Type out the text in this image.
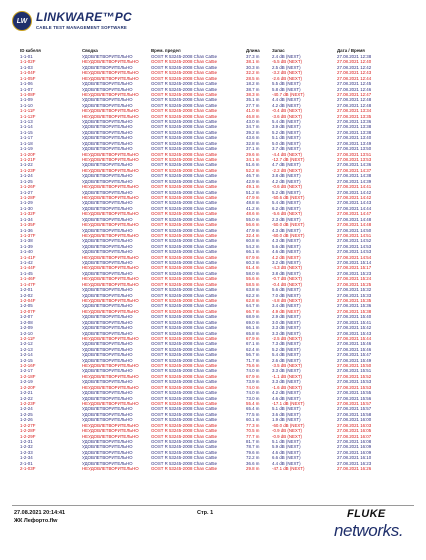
LW LINKWARE™PC
CABLE TEST MANAGEMENT SOFTWARE
ID кабеля	Сводка	Врем. предел	Длина	Запас	Дата / Время
1-1-01	УДОВЛЕТВОРИТЕЛЬНО	GOST R 53245-2008 Chan Cat5e	37.3 m	2.4 dB (NEXT)	27.08.2021 12:38
1-1-02F	НЕУДОВЛЕТВОРИТЕЛЬНО	GOST R 53245-2008 Chan Cat5e	38.1 m	-5.5 dB (NEXT)	27.08.2021 12:40
1-1-03	УДОВЛЕТВОРИТЕЛЬНО	GOST R 53245-2008 Chan Cat5e	30.3 m	2.5 dB (NEXT)	27.08.2021 12:42
1-1-04F	НЕУДОВЛЕТВОРИТЕЛЬНО	GOST R 53245-2008 Chan Cat5e	32.2 m	-3.2 dB (NEXT)	27.08.2021 12:43
1-1-05F	НЕУДОВЛЕТВОРИТЕЛЬНО	GOST R 53245-2008 Chan Cat5e	28.5 m	-2.6 dB (NEXT)	27.08.2021 12:44
1-1-06	УДОВЛЕТВОРИТЕЛЬНО	GOST R 53245-2008 Chan Cat5e	18.2 m	5.5 dB (NEXT)	27.08.2021 12:45
1-1-07	УДОВЛЕТВОРИТЕЛЬНО	GOST R 53245-2008 Chan Cat5e	38.7 m	5.8 dB (NEXT)	27.08.2021 12:46
1-1-08F	НЕУДОВЛЕТВОРИТЕЛЬНО	GOST R 53245-2008 Chan Cat5e	38.3 m	-40.7 dB (NEXT)	27.08.2021 12:47
1-1-09	УДОВЛЕТВОРИТЕЛЬНО	GOST R 53245-2008 Chan Cat5e	35.1 m	4.4 dB (NEXT)	27.08.2021 12:48
1-1-10	УДОВЛЕТВОРИТЕЛЬНО	GOST R 53245-2008 Chan Cat5e	27.7 m	4.2 dB (NEXT)	27.08.2021 12:48
1-1-11F	НЕУДОВЛЕТВОРИТЕЛЬНО	GOST R 53245-2008 Chan Cat5e	41.0 m	-0.4 dB (NEXT)	27.08.2021 13:34
1-1-12F	НЕУДОВЛЕТВОРИТЕЛЬНО	GOST R 53245-2008 Chan Cat5e	46.8 m	-3.6 dB (NEXT)	27.08.2021 13:35
1-1-13	УДОВЛЕТВОРИТЕЛЬНО	GOST R 53245-2008 Chan Cat5e	43.0 m	5.4 dB (NEXT)	27.08.2021 13:36
1-1-14	УДОВЛЕТВОРИТЕЛЬНО	GOST R 53245-2008 Chan Cat5e	34.7 m	3.9 dB (NEXT)	27.08.2021 13:38
1-1-15	УДОВЛЕТВОРИТЕЛЬНО	GOST R 53245-2008 Chan Cat5e	39.2 m	5.2 dB (NEXT)	27.08.2021 13:38
1-1-17	УДОВЛЕТВОРИТЕЛЬНО	GOST R 53245-2008 Chan Cat5e	43.6 m	5.1 dB (NEXT)	27.08.2021 13:40
1-1-18	УДОВЛЕТВОРИТЕЛЬНО	GOST R 53245-2008 Chan Cat5e	32.8 m	5.0 dB (NEXT)	27.08.2021 13:49
1-1-19	УДОВЛЕТВОРИТЕЛЬНО	GOST R 53245-2008 Chan Cat5e	37.1 m	3.7 dB (NEXT)	27.08.2021 13:50
1-1-20F	НЕУДОВЛЕТВОРИТЕЛЬНО	GOST R 53245-2008 Chan Cat5e	29.6 m	-4.4 dB (NEXT)	27.08.2021 13:51
1-1-21F	НЕУДОВЛЕТВОРИТЕЛЬНО	GOST R 53245-2008 Chan Cat5e	34.1 m	-12.7 dB (NEXT)	27.08.2021 13:53
1-1-22	УДОВЛЕТВОРИТЕЛЬНО	GOST R 53245-2008 Chan Cat5e	51.6 m	4.7 dB (NEXT)	27.08.2021 14:36
1-1-23F	НЕУДОВЛЕТВОРИТЕЛЬНО	GOST R 53245-2008 Chan Cat5e	52.2 m	-2.2 dB (NEXT)	27.08.2021 14:37
1-1-24	УДОВЛЕТВОРИТЕЛЬНО	GOST R 53245-2008 Chan Cat5e	46.7 m	3.8 dB (NEXT)	27.08.2021 14:38
1-1-25	УДОВЛЕТВОРИТЕЛЬНО	GOST R 53245-2008 Chan Cat5e	42.9 m	4.2 dB (NEXT)	27.08.2021 14:39
1-1-26F	НЕУДОВЛЕТВОРИТЕЛЬНО	GOST R 53245-2008 Chan Cat5e	49.1 m	-0.6 dB (NEXT)	27.08.2021 14:41
1-1-27	УДОВЛЕТВОРИТЕЛЬНО	GOST R 53245-2008 Chan Cat5e	51.2 m	5.2 dB (NEXT)	27.08.2021 14:42
1-1-28F	НЕУДОВЛЕТВОРИТЕЛЬНО	GOST R 53245-2008 Chan Cat5e	47.9 m	-50.6 dB (NEXT)	27.08.2021 14:42
1-1-29	УДОВЛЕТВОРИТЕЛЬНО	GOST R 53245-2008 Chan Cat5e	48.8 m	5.4 dB (NEXT)	27.08.2021 14:43
1-1-30	УДОВЛЕТВОРИТЕЛЬНО	GOST R 53245-2008 Chan Cat5e	41.2 m	6.2 dB (NEXT)	27.08.2021 14:44
1-1-32F	НЕУДОВЛЕТВОРИТЕЛЬНО	GOST R 53245-2008 Chan Cat5e	48.6 m	-5.6 dB (NEXT)	27.08.2021 14:47
1-1-34	УДОВЛЕТВОРИТЕЛЬНО	GOST R 53245-2008 Chan Cat5e	55.0 m	2.3 dB (NEXT)	27.08.2021 14:48
1-1-35F	НЕУДОВЛЕТВОРИТЕЛЬНО	GOST R 53245-2008 Chan Cat5e	56.6 m	-50.0 dB (NEXT)	27.08.2021 14:48
1-1-36	УДОВЛЕТВОРИТЕЛЬНО	GOST R 53245-2008 Chan Cat5e	47.9 m	4.3 dB (NEXT)	27.08.2021 14:50
1-1-37F	НЕУДОВЛЕТВОРИТЕЛЬНО	GOST R 53245-2008 Chan Cat5e	32.4 m	-60.0 dB (NEXT)	27.08.2021 14:51
1-1-38	УДОВЛЕТВОРИТЕЛЬНО	GOST R 53245-2008 Chan Cat5e	60.8 m	4.3 dB (NEXT)	27.08.2021 14:52
1-1-39	УДОВЛЕТВОРИТЕЛЬНО	GOST R 53245-2008 Chan Cat5e	54.2 m	5.6 dB (NEXT)	27.08.2021 14:53
1-1-40	УДОВЛЕТВОРИТЕЛЬНО	GOST R 53245-2008 Chan Cat5e	66.1 m	4.6 dB (NEXT)	27.08.2021 14:53
1-1-41F	НЕУДОВЛЕТВОРИТЕЛЬНО	GOST R 53245-2008 Chan Cat5e	67.9 m	4.2 dB (NEXT)	27.08.2021 14:54
1-1-42	УДОВЛЕТВОРИТЕЛЬНО	GOST R 53245-2008 Chan Cat5e	60.3 m	3.2 dB (NEXT)	27.08.2021 15:14
1-1-44F	НЕУДОВЛЕТВОРИТЕЛЬНО	GOST R 53245-2008 Chan Cat5e	61.4 m	-4.3 dB (NEXT)	27.08.2021 15:17
1-1-45	УДОВЛЕТВОРИТЕЛЬНО	GOST R 53245-2008 Chan Cat5e	58.0 m	3.8 dB (NEXT)	27.08.2021 15:23
1-1-46F	НЕУДОВЛЕТВОРИТЕЛЬНО	GOST R 53245-2008 Chan Cat5e	55.6 m	-0.7 dB (NEXT)	27.08.2021 15:24
1-1-47F	НЕУДОВЛЕТВОРИТЕЛЬНО	GOST R 53245-2008 Chan Cat5e	58.5 m	-0.4 dB (NEXT)	27.08.2021 15:25
1-2-01	УДОВЛЕТВОРИТЕЛЬНО	GOST R 53245-2008 Chan Cat5e	63.8 m	5.6 dB (NEXT)	27.08.2021 15:32
1-2-02	УДОВЛЕТВОРИТЕЛЬНО	GOST R 53245-2008 Chan Cat5e	62.2 m	7.0 dB (NEXT)	27.08.2021 15:33
1-2-04F	НЕУДОВЛЕТВОРИТЕЛЬНО	GOST R 53245-2008 Chan Cat5e	62.8 m	-4.8 dB (NEXT)	27.08.2021 15:35
1-2-05	УДОВЛЕТВОРИТЕЛЬНО	GOST R 53245-2008 Chan Cat5e	64.7 m	3.4 dB (NEXT)	27.08.2021 15:36
1-2-07F	НЕУДОВЛЕТВОРИТЕЛЬНО	GOST R 53245-2008 Chan Cat5e	66.7 m	4.9 dB (NEXT)	27.08.2021 15:38
1-2-07	УДОВЛЕТВОРИТЕЛЬНО	GOST R 53245-2008 Chan Cat5e	68.9 m	2.9 dB (NEXT)	27.08.2021 15:40
1-2-08	УДОВЛЕТВОРИТЕЛЬНО	GOST R 53245-2008 Chan Cat5e	69.0 m	3.0 dB (NEXT)	27.08.2021 15:41
1-2-09	УДОВЛЕТВОРИТЕЛЬНО	GOST R 53245-2008 Chan Cat5e	66.1 m	3.3 dB (NEXT)	27.08.2021 15:42
1-2-10	УДОВЛЕТВОРИТЕЛЬНО	GOST R 53245-2008 Chan Cat5e	65.8 m	3.3 dB (NEXT)	27.08.2021 15:43
1-2-11F	НЕУДОВЛЕТВОРИТЕЛЬНО	GOST R 53245-2008 Chan Cat5e	67.9 m	-2.5 dB (NEXT)	27.08.2021 15:44
1-2-12	УДОВЛЕТВОРИТЕЛЬНО	GOST R 53245-2008 Chan Cat5e	67.1 m	7.3 dB (NEXT)	27.08.2021 15:46
1-2-13	УДОВЛЕТВОРИТЕЛЬНО	GOST R 53245-2008 Chan Cat5e	62.4 m	5.2 dB (NEXT)	27.08.2021 15:46
1-2-14	УДОВЛЕТВОРИТЕЛЬНО	GOST R 53245-2008 Chan Cat5e	56.7 m	5.4 dB (NEXT)	27.08.2021 15:47
1-2-15	УДОВЛЕТВОРИТЕЛЬНО	GOST R 53245-2008 Chan Cat5e	71.7 m	2.6 dB (NEXT)	27.08.2021 15:49
1-2-16F	НЕУДОВЛЕТВОРИТЕЛЬНО	GOST R 53245-2008 Chan Cat5e	75.6 m	-3.5 dB (NEXT)	27.08.2021 15:50
1-2-17	УДОВЛЕТВОРИТЕЛЬНО	GOST R 53245-2008 Chan Cat5e	74.0 m	3.3 dB (NEXT)	27.08.2021 15:51
1-2-18F	НЕУДОВЛЕТВОРИТЕЛЬНО	GOST R 53245-2008 Chan Cat5e	67.9 m	-1.1 dB (NEXT)	27.08.2021 15:52
1-2-19	УДОВЛЕТВОРИТЕЛЬНО	GOST R 53245-2008 Chan Cat5e	73.9 m	3.3 dB (NEXT)	27.08.2021 15:53
1-2-20F	НЕУДОВЛЕТВОРИТЕЛЬНО	GOST R 53245-2008 Chan Cat5e	74.0 m	-1.6 dB (NEXT)	27.08.2021 15:53
1-2-21	УДОВЛЕТВОРИТЕЛЬНО	GOST R 53245-2008 Chan Cat5e	74.0 m	4.2 dB (NEXT)	27.08.2021 15:55
1-2-22	УДОВЛЕТВОРИТЕЛЬНО	GOST R 53245-2008 Chan Cat5e	73.0 m	4.6 dB (NEXT)	27.08.2021 15:56
1-2-23F	НЕУДОВЛЕТВОРИТЕЛЬНО	GOST R 53245-2008 Chan Cat5e	55.4 m	-17.1 dB (NEXT)	27.08.2021 15:57
1-2-24	УДОВЛЕТВОРИТЕЛЬНО	GOST R 53245-2008 Chan Cat5e	65.4 m	5.1 dB (NEXT)	27.08.2021 15:57
1-2-25	УДОВЛЕТВОРИТЕЛЬНО	GOST R 53245-2008 Chan Cat5e	77.5 m	3.6 dB (NEXT)	27.08.2021 15:58
1-2-26	УДОВЛЕТВОРИТЕЛЬНО	GOST R 53245-2008 Chan Cat5e	60.1 m	1.9 dB (NEXT)	27.08.2021 16:00
1-2-27F	НЕУДОВЛЕТВОРИТЕЛЬНО	GOST R 53245-2008 Chan Cat5e	77.3 m	-60.0 dB (NEXT)	27.08.2021 16:03
1-2-28F	НЕУДОВЛЕТВОРИТЕЛЬНО	GOST R 53245-2008 Chan Cat5e	70.5 m	-0.9 dB (NEXT)	27.08.2021 16:05
1-2-29F	НЕУДОВЛЕТВОРИТЕЛЬНО	GOST R 53245-2008 Chan Cat5e	77.7 m	-0.9 dB (NEXT)	27.08.2021 16:07
1-2-31	УДОВЛЕТВОРИТЕЛЬНО	GOST R 53245-2008 Chan Cat5e	81.7 m	5.1 dB (NEXT)	27.08.2021 16:08
1-2-32	УДОВЛЕТВОРИТЕЛЬНО	GOST R 53245-2008 Chan Cat5e	78.7 m	5.9 dB (NEXT)	27.08.2021 16:09
1-2-33	УДОВЛЕТВОРИТЕЛЬНО	GOST R 53245-2008 Chan Cat5e	79.6 m	4.6 dB (NEXT)	27.08.2021 16:09
1-2-34	УДОВЛЕТВОРИТЕЛЬНО	GOST R 53245-2008 Chan Cat5e	72.2 m	6.6 dB (NEXT)	27.08.2021 16:10
2-1-01	УДОВЛЕТВОРИТЕЛЬНО	GOST R 53245-2008 Chan Cat5e	36.6 m	4.4 dB (NEXT)	27.08.2021 16:23
2-1-03F	НЕУДОВЛЕТВОРИТЕЛЬНО	GOST R 53245-2008 Chan Cat5e	29.8 m	-47.1 dB (NEXT)	27.08.2021 16:26
27.08.2021 20:14:41
ЖК Лефортo.flw
Стр. 1	FLUKE
networks.
